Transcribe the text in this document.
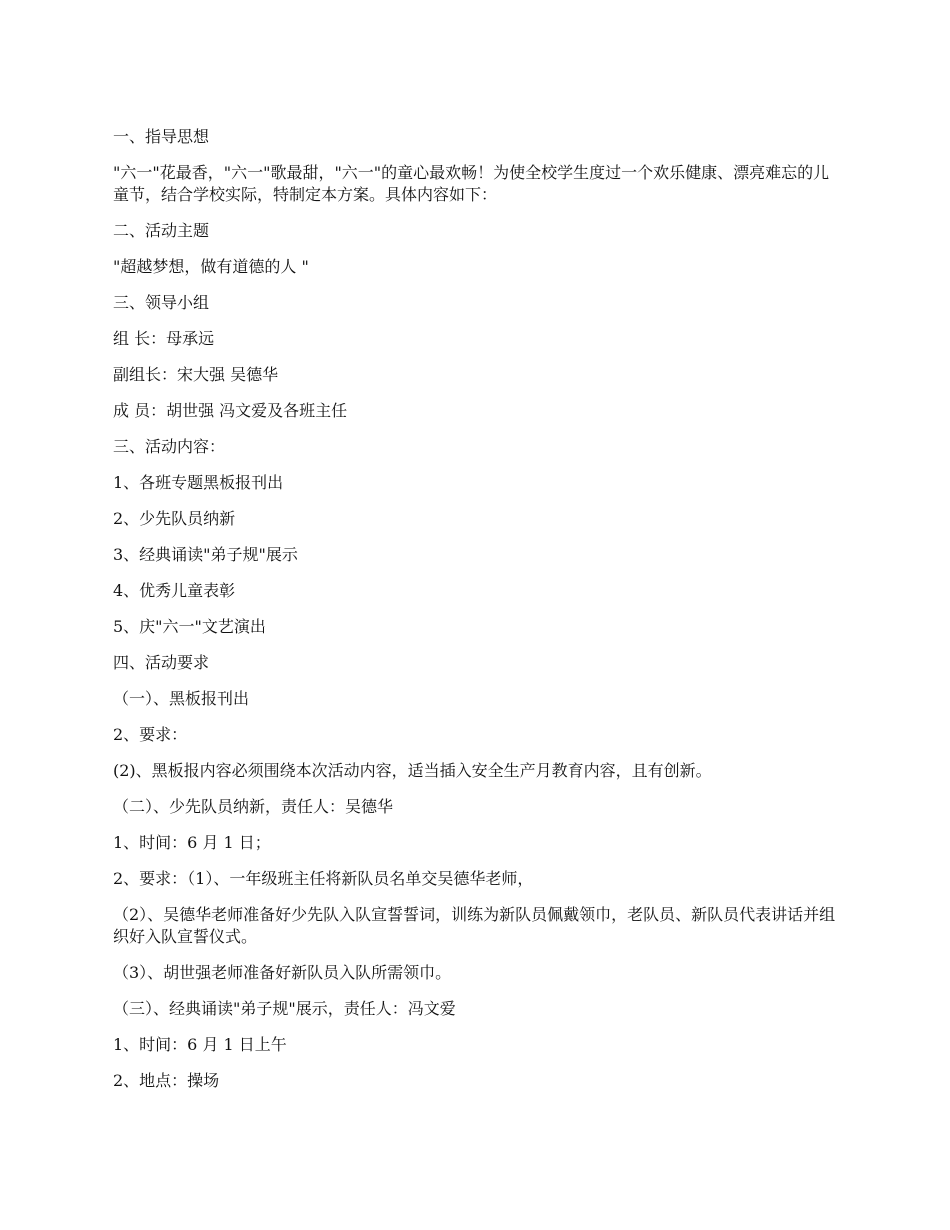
一、指导思想

"六一"花最香，"六一"歌最甜，"六一"的童心最欢畅！为使全校学生度过一个欢乐健康、漂亮难忘的儿童节，结合学校实际，特制定本方案。具体内容如下：

二、活动主题

"超越梦想，做有道德的人 "

三、领导小组

组 长：母承远

副组长：宋大强 吴德华

成 员：胡世强 冯文爱及各班主任

三、活动内容：

1、各班专题黑板报刊出

2、少先队员纳新

3、经典诵读"弟子规"展示

4、优秀儿童表彰

5、庆"六一"文艺演出

四、活动要求

（一）、黑板报刊出

2、要求：

(2)、黑板报内容必须围绕本次活动内容，适当插入安全生产月教育内容，且有创新。

（二）、少先队员纳新，责任人：吴德华

1、时间：6 月 1 日；

2、要求：（1）、一年级班主任将新队员名单交吴德华老师，

（2）、吴德华老师准备好少先队入队宣誓誓词，训练为新队员佩戴领巾，老队员、新队员代表讲话并组织好入队宣誓仪式。

（3）、胡世强老师准备好新队员入队所需领巾。

（三）、经典诵读"弟子规"展示，责任人：冯文爱

1、时间：6 月 1 日上午

2、地点：操场
